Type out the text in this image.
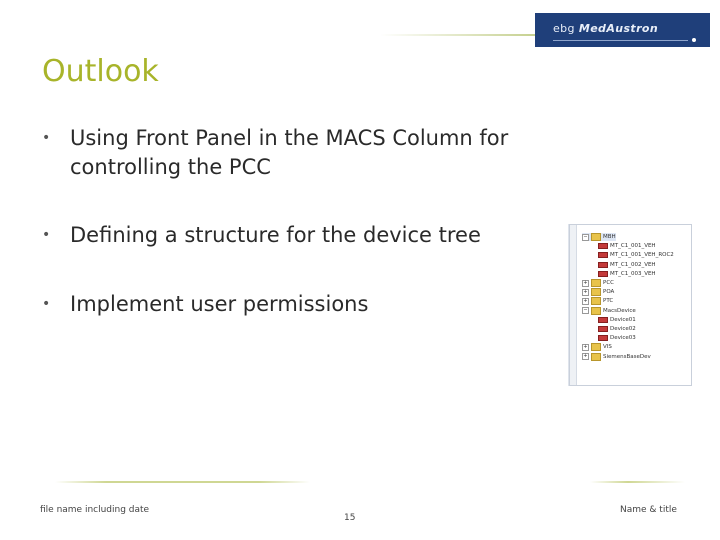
ebg MedAustron
Outlook
• Using Front Panel in the MACS Column for controlling the PCC
• Defining a structure for the device tree
• Implement user permissions
−	MBH
MT_C1_001_VEH
MT_C1_001_VEH_ROC2
MT_C1_002_VEH
MT_C1_003_VEH
+	PCC
+	POA
+	PTC
−	MacsDevice
Device01
Device02
Device03
+	VIS
+	SiemensBaseDev
file name including date
15
Name & title
